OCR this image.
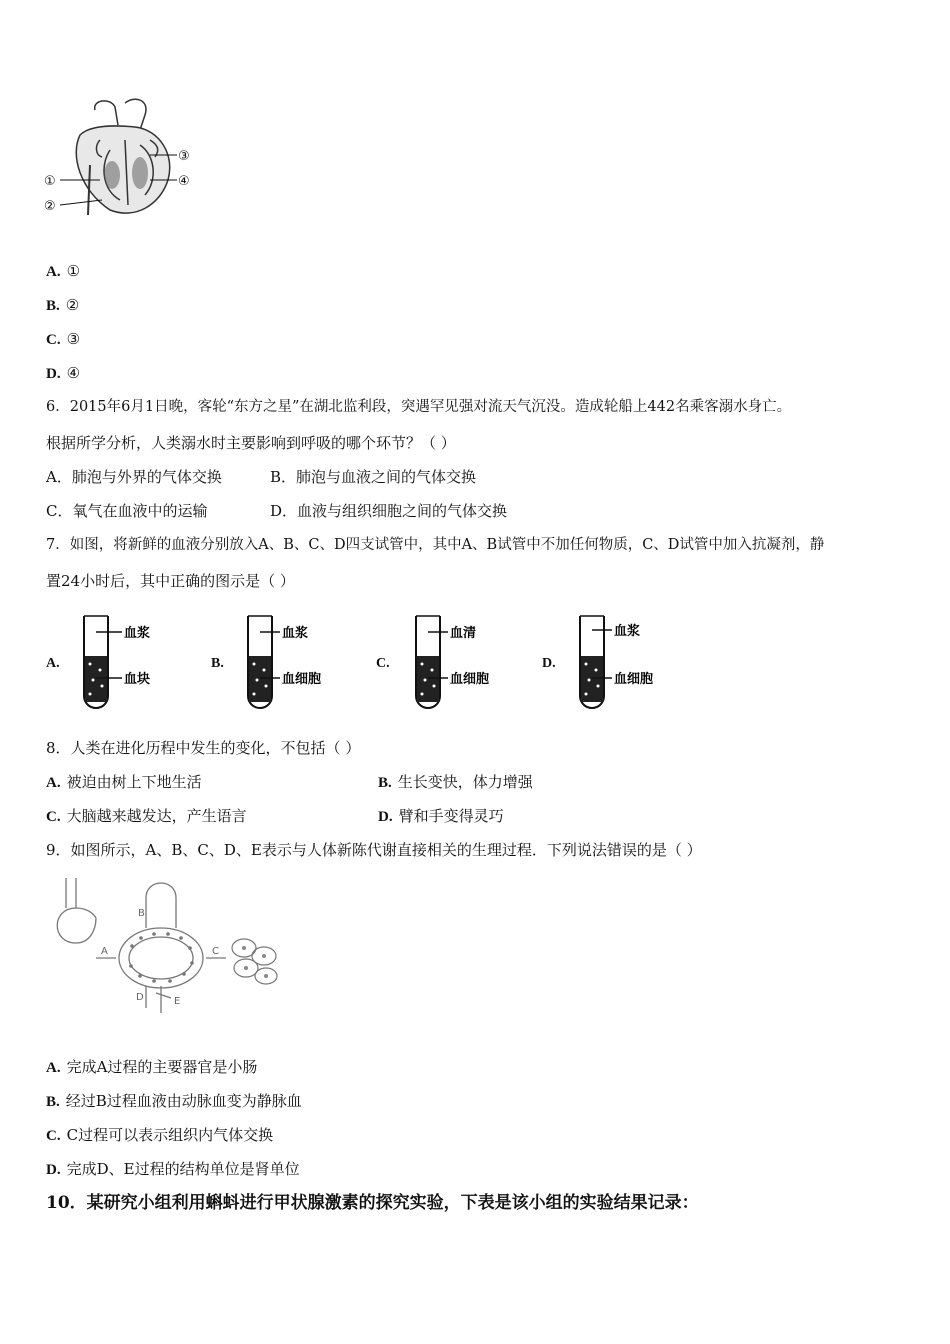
①
②
③
④
A. ①
B. ②
C. ③
D. ④
6．2015年6月1日晚，客轮“东方之星”在湖北监利段，突遇罕见强对流天气沉没。造成轮船上442名乘客溺水身亡。
根据所学分析，人类溺水时主要影响到呼吸的哪个环节？（ ）
A．肺泡与外界的气体交换	B．肺泡与血液之间的气体交换
C．氧气在血液中的运输	D．血液与组织细胞之间的气体交换
7．如图，将新鲜的血液分别放入A、B、C、D四支试管中，其中A、B试管中不加任何物质，C、D试管中加入抗凝剂，静
置24小时后，其中正确的图示是（ ）
A.
血浆
血块
B.
血浆
血细胞
C.
血清
血细胞
D.
血浆
血细胞
8．人类在进化历程中发生的变化，不包括（ ）
A. 被迫由树上下地生活	B. 生长变快，体力增强
C. 大脑越来越发达，产生语言	D. 臂和手变得灵巧
9．如图所示，A、B、C、D、E表示与人体新陈代谢直接相关的生理过程．下列说法错误的是（ ）
A
B
C
D	E
A. 完成A过程的主要器官是小肠
B. 经过B过程血液由动脉血变为静脉血
C. C过程可以表示组织内气体交换
D. 完成D、E过程的结构单位是肾单位
10．某研究小组利用蝌蚪进行甲状腺激素的探究实验，下表是该小组的实验结果记录：
